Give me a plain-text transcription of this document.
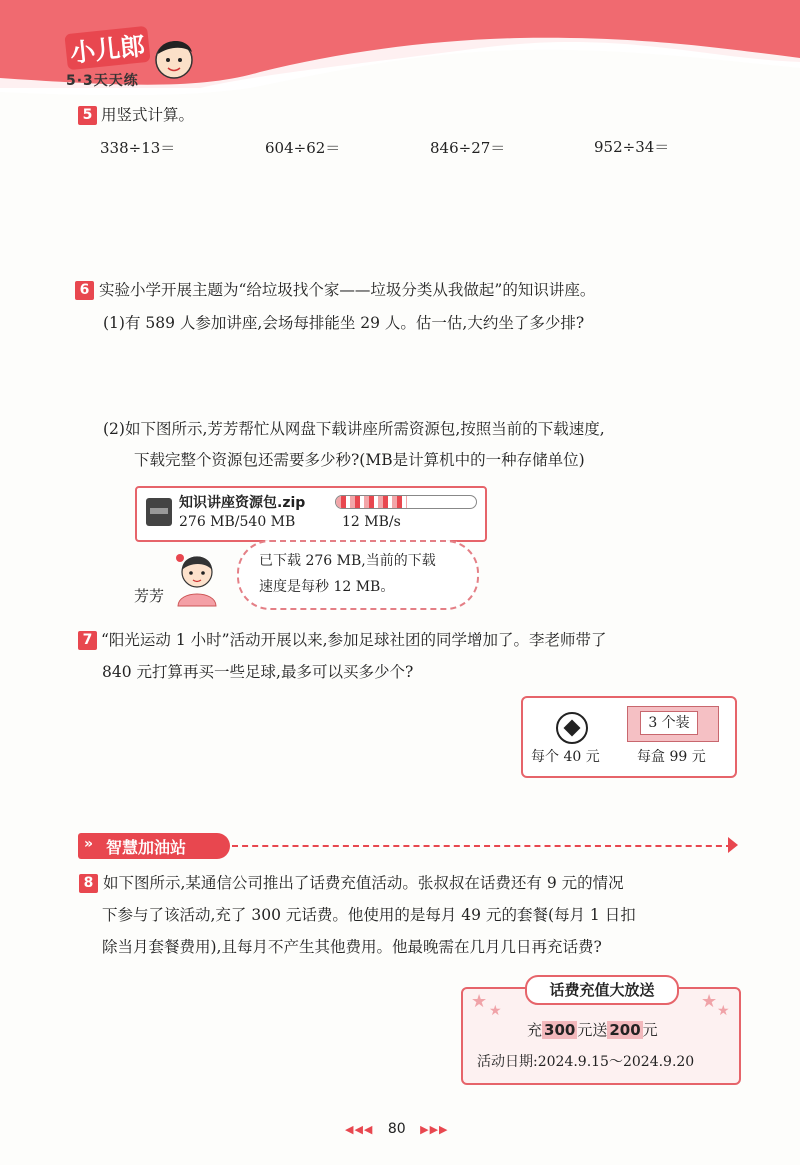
小儿郎
5·3天天练
5 用竖式计算。
338÷13＝	604÷62＝	846÷27＝	952÷34＝
6 实验小学开展主题为“给垃圾找个家——垃圾分类从我做起”的知识讲座。
(1)有 589 人参加讲座,会场每排能坐 29 人。估一估,大约坐了多少排?
(2)如下图所示,芳芳帮忙从网盘下载讲座所需资源包,按照当前的下载速度,
下载完整个资源包还需要多少秒?(MB是计算机中的一种存储单位)
知识讲座资源包.zip
276 MB/540 MB	12 MB/s
芳芳
已下载 276 MB,当前的下载
速度是每秒 12 MB。
7 “阳光运动 1 小时”活动开展以来,参加足球社团的同学增加了。李老师带了
840 元打算再买一些足球,最多可以买多少个?
3 个装
每个 40 元	每盒 99 元
» 智慧加油站
8 如下图所示,某通信公司推出了话费充值活动。张叔叔在话费还有 9 元的情况
下参与了该活动,充了 300 元话费。他使用的是每月 49 元的套餐(每月 1 日扣
除当月套餐费用),且每月不产生其他费用。他最晚需在几月几日再充话费?
话费充值大放送
★ ★	★ ★
充 300 元送 200 元
活动日期:2024.9.15～2024.9.20
◀◀◀ 80 ▶▶▶
